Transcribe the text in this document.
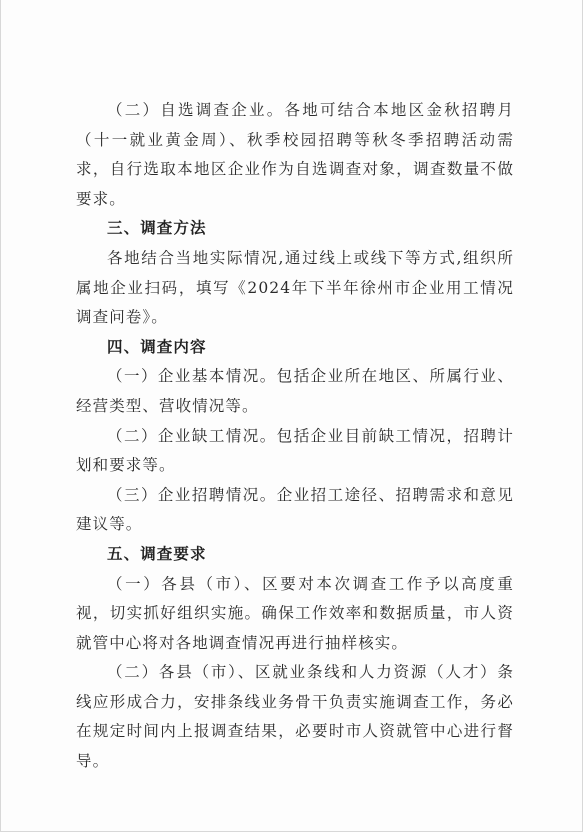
（二）自选调查企业。各地可结合本地区金秋招聘月（十一就业黄金周）、秋季校园招聘等秋冬季招聘活动需求，自行选取本地区企业作为自选调查对象，调查数量不做要求。

三、调查方法

各地结合当地实际情况,通过线上或线下等方式,组织所属地企业扫码，填写《2024年下半年徐州市企业用工情况调查问卷》。

四、调查内容

（一）企业基本情况。包括企业所在地区、所属行业、经营类型、营收情况等。

（二）企业缺工情况。包括企业目前缺工情况，招聘计划和要求等。

（三）企业招聘情况。企业招工途径、招聘需求和意见建议等。

五、调查要求

（一）各县（市）、区要对本次调查工作予以高度重视，切实抓好组织实施。确保工作效率和数据质量，市人资就管中心将对各地调查情况再进行抽样核实。

（二）各县（市）、区就业条线和人力资源（人才）条线应形成合力，安排条线业务骨干负责实施调查工作，务必在规定时间内上报调查结果，必要时市人资就管中心进行督导。
